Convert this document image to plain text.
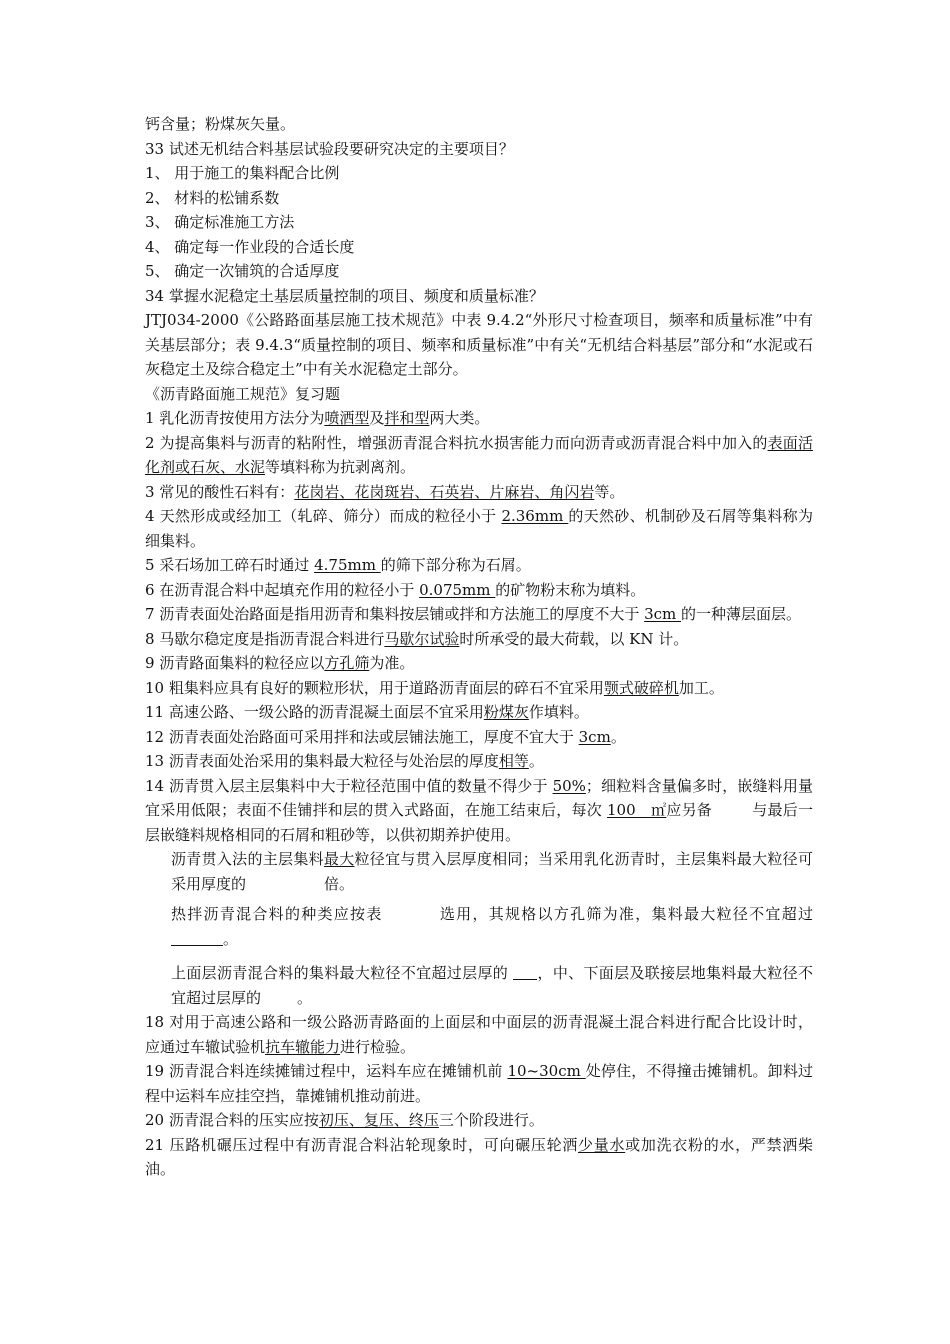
钙含量；粉煤灰矢量。

33 试述无机结合料基层试验段要研究决定的主要项目？

1、 用于施工的集料配合比例

2、 材料的松铺系数

3、 确定标准施工方法

4、 确定每一作业段的合适长度

5、 确定一次铺筑的合适厚度

34 掌握水泥稳定土基层质量控制的项目、频度和质量标准？

JTJ034-2000《公路路面基层施工技术规范》中表 9.4.2“外形尺寸检查项目，频率和质量标准”中有关基层部分；表 9.4.3“质量控制的项目、频率和质量标准”中有关“无机结合料基层”部分和“水泥或石灰稳定土及综合稳定土”中有关水泥稳定土部分。

《沥青路面施工规范》复习题

1 乳化沥青按使用方法分为喷洒型及拌和型两大类。

2 为提高集料与沥青的粘附性，增强沥青混合料抗水损害能力而向沥青或沥青混合料中加入的表面活化剂或石灰、水泥等填料称为抗剥离剂。

3 常见的酸性石料有：花岗岩、花岗斑岩、石英岩、片麻岩、角闪岩等。

4 天然形成或经加工（轧碎、筛分）而成的粒径小于 2.36mm 的天然砂、机制砂及石屑等集料称为细集料。

5 采石场加工碎石时通过 4.75mm 的筛下部分称为石屑。

6 在沥青混合料中起填充作用的粒径小于 0.075mm 的矿物粉末称为填料。

7 沥青表面处治路面是指用沥青和集料按层铺或拌和方法施工的厚度不大于 3cm 的一种薄层面层。

8 马歇尔稳定度是指沥青混合料进行马歇尔试验时所承受的最大荷载，以 KN 计。

9 沥青路面集料的粒径应以方孔筛为准。

10 粗集料应具有良好的颗粒形状，用于道路沥青面层的碎石不宜采用颚式破碎机加工。

11 高速公路、一级公路的沥青混凝土面层不宜采用粉煤灰作填料。

12 沥青表面处治路面可采用拌和法或层铺法施工，厚度不宜大于 3cm。

13 沥青表面处治采用的集料最大粒径与处治层的厚度相等。

14 沥青贯入层主层集料中大于粒径范围中值的数量不得少于 50%；细粒料含量偏多时，嵌缝料用量宜采用低限；表面不佳铺拌和层的贯入式路面，在施工结束后，每次 100　㎡应另备	与最后一层嵌缝料规格相同的石屑和粗砂等，以供初期养护使用。

沥青贯入法的主层集料最大粒径宜与贯入层厚度相同；当采用乳化沥青时，主层集料最大粒径可采用厚度的	倍。

热拌沥青混合料的种类应按表	选用，其规格以方孔筛为准，集料最大粒径不宜超过 。

上面层沥青混合料的集料最大粒径不宜超过层厚的 ，中、下面层及联接层地集料最大粒径不宜超过层厚的 。

18 对用于高速公路和一级公路沥青路面的上面层和中面层的沥青混凝土混合料进行配合比设计时，应通过车辙试验机抗车辙能力进行检验。

19 沥青混合料连续摊铺过程中，运料车应在摊铺机前 10~30cm 处停住，不得撞击摊铺机。卸料过程中运料车应挂空挡，靠摊铺机推动前进。

20 沥青混合料的压实应按初压、复压、终压三个阶段进行。

21 压路机碾压过程中有沥青混合料沾轮现象时，可向碾压轮洒少量水或加洗衣粉的水，严禁洒柴油。
